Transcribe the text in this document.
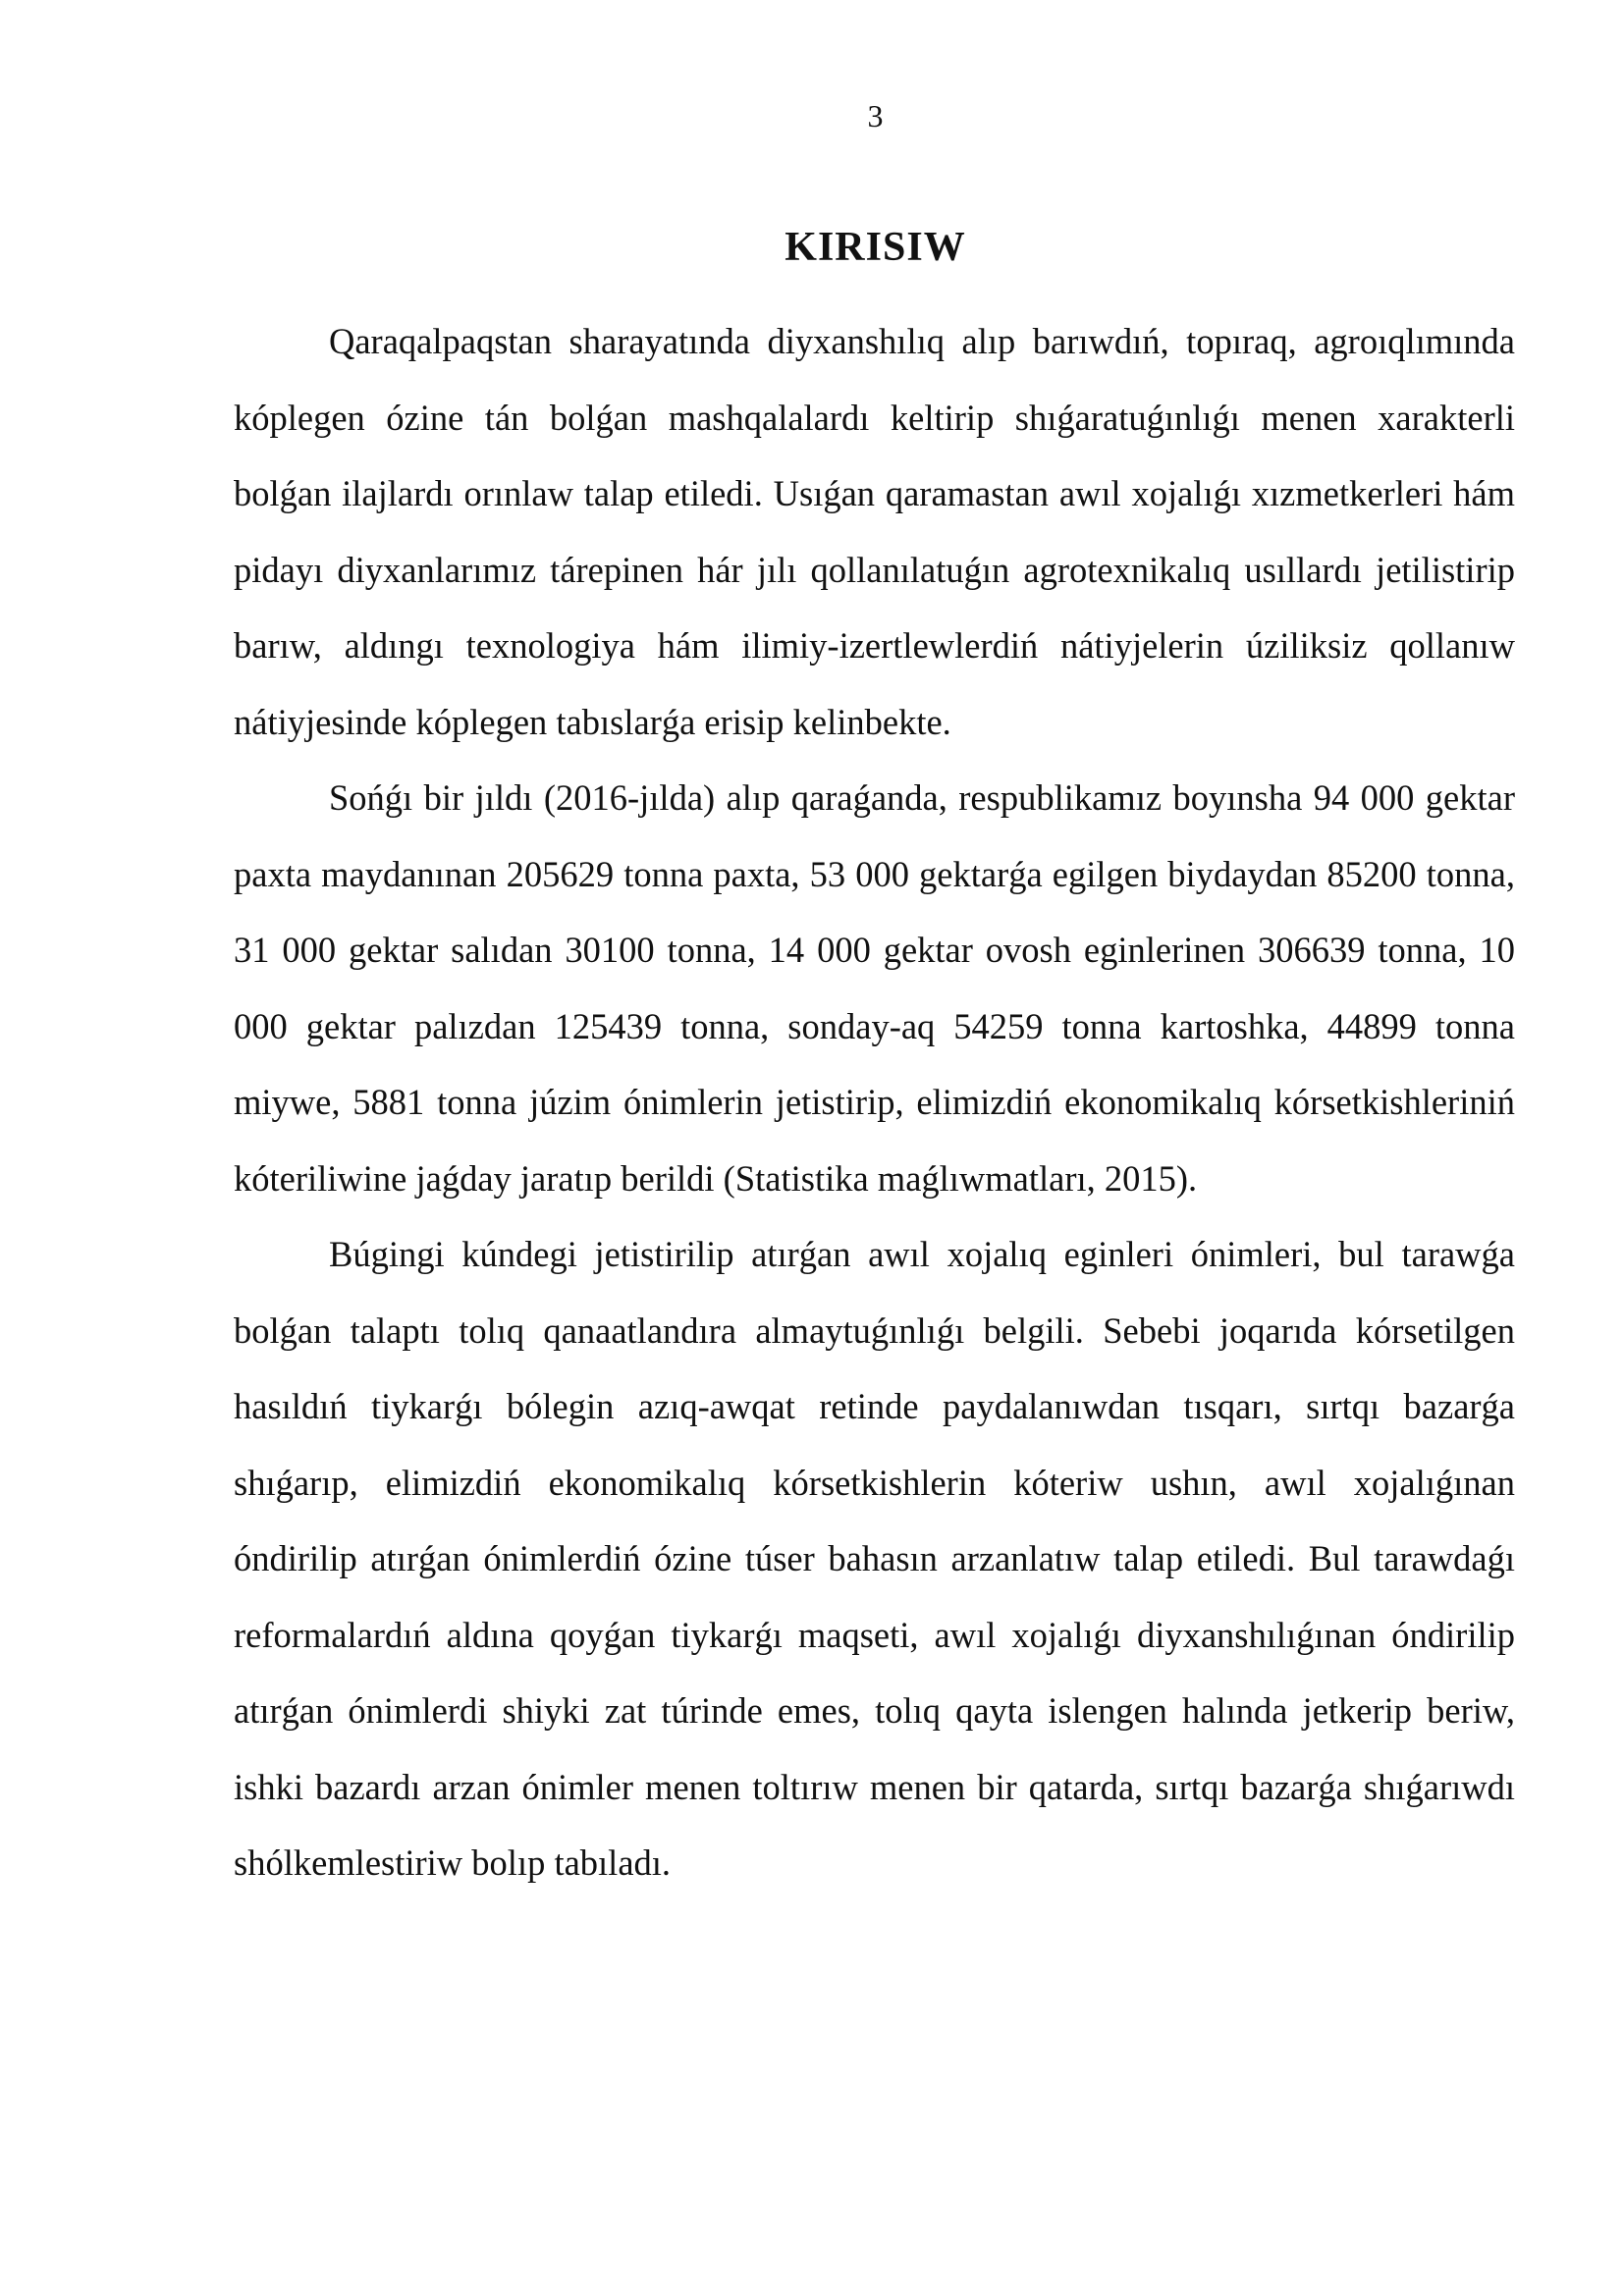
3
KIRISIW

Qaraqalpaqstan sharayatında diyxanshılıq alıp barıwdıń, topıraq, agroıqlımında kóplegen ózine tán bolǵan mashqalalardı keltirip shıǵaratuǵınlıǵı menen xarakterli bolǵan ilajlardı orınlaw talap etiledi. Usıǵan qaramastan awıl xojalıǵı xızmetkerleri hám pidayı diyxanlarımız tárepinen hár jılı qollanılatuǵın agrotexnikalıq usıllardı jetilistirip barıw, aldıngı texnologiya hám ilimiy-izertlewlerdiń nátiyjelerin úziliksiz qollanıw nátiyjesinde kóplegen tabıslarǵa erisip kelinbekte.

Sońǵı bir jıldı (2016-jılda) alıp qaraǵanda, respublikamız boyınsha 94 000 gektar paxta maydanınan 205629 tonna paxta, 53 000 gektarǵa egilgen biydaydan 85200 tonna, 31 000 gektar salıdan 30100 tonna, 14 000 gektar ovosh eginlerinen 306639 tonna, 10 000 gektar palızdan 125439 tonna, sonday-aq 54259 tonna kartoshka, 44899 tonna miywe, 5881 tonna júzim ónimlerin jetistirip, elimizdiń ekonomikalıq kórsetkishleriniń kóteriliwine jaǵday jaratıp berildi (Statistika maǵlıwmatları, 2015).

Búgingi kúndegi jetistirilip atırǵan awıl xojalıq eginleri ónimleri, bul tarawǵa bolǵan talaptı tolıq qanaatlandıra almaytuǵınlıǵı belgili. Sebebi joqarıda kórsetilgen hasıldıń tiykarǵı bólegin azıq-awqat retinde paydalanıwdan tısqarı, sırtqı bazarǵa shıǵarıp, elimizdiń ekonomikalıq kórsetkishlerin kóteriw ushın, awıl xojalıǵınan óndirilip atırǵan ónimlerdiń ózine túser bahasın arzanlatıw talap etiledi. Bul tarawdaǵı reformalardıń aldına qoyǵan tiykarǵı maqseti, awıl xojalıǵı diyxanshılıǵınan óndirilip atırǵan ónimlerdi shiyki zat túrinde emes, tolıq qayta islengen halında jetkerip beriw, ishki bazardı arzan ónimler menen toltırıw menen bir qatarda, sırtqı bazarǵa shıǵarıwdı shólkemlestiriw bolıp tabıladı.
